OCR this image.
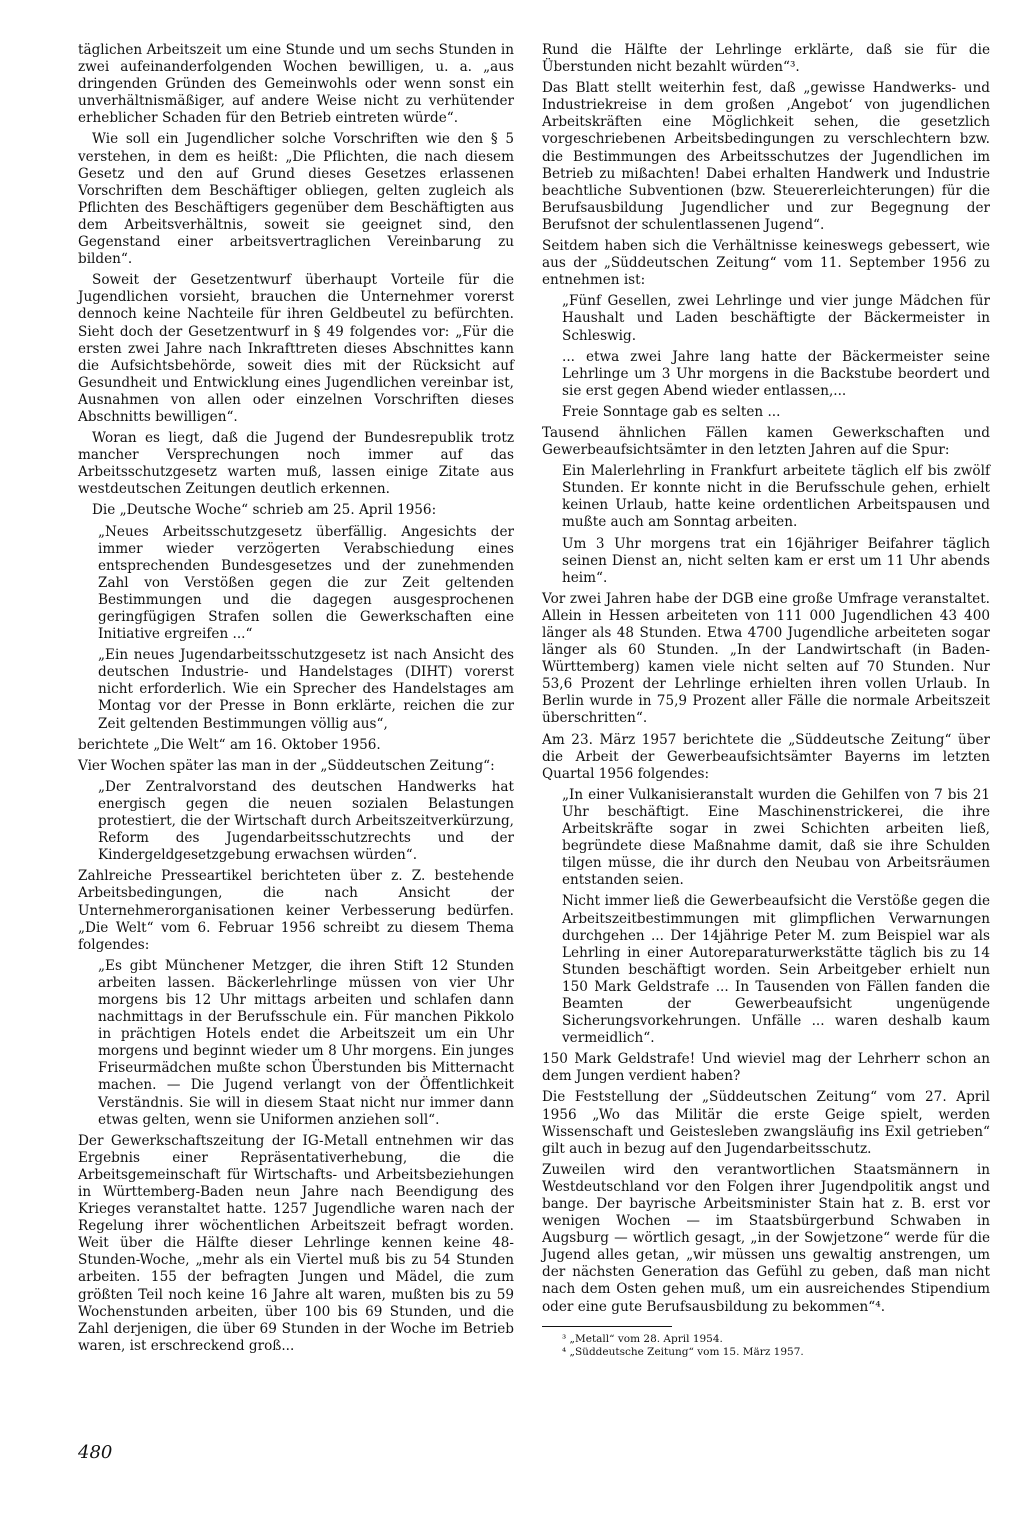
täglichen Arbeitszeit um eine Stunde und um sechs Stunden in zwei aufeinanderfolgenden Wochen bewilligen, u. a. „aus dringenden Gründen des Gemeinwohls oder wenn sonst ein unverhältnismäßiger, auf andere Weise nicht zu verhütender erheblicher Schaden für den Betrieb eintreten würde“.

Wie soll ein Jugendlicher solche Vorschriften wie den § 5 verstehen, in dem es heißt: „Die Pflichten, die nach diesem Gesetz und den auf Grund dieses Gesetzes erlassenen Vorschriften dem Beschäftiger obliegen, gelten zugleich als Pflichten des Beschäftigers gegenüber dem Beschäftigten aus dem Arbeitsverhältnis, soweit sie geeignet sind, den Gegenstand einer arbeitsvertraglichen Vereinbarung zu bilden“.

Soweit der Gesetzentwurf überhaupt Vorteile für die Jugendlichen vorsieht, brauchen die Unternehmer vorerst dennoch keine Nachteile für ihren Geldbeutel zu befürchten. Sieht doch der Gesetzentwurf in § 49 folgendes vor: „Für die ersten zwei Jahre nach Inkrafttreten dieses Abschnittes kann die Aufsichtsbehörde, soweit dies mit der Rücksicht auf Gesundheit und Entwicklung eines Jugendlichen vereinbar ist, Ausnahmen von allen oder einzelnen Vorschriften dieses Abschnitts bewilligen“.

Woran es liegt, daß die Jugend der Bundesrepublik trotz mancher Versprechungen noch immer auf das Arbeitsschutzgesetz warten muß, lassen einige Zitate aus westdeutschen Zeitungen deutlich erkennen.

Die „Deutsche Woche“ schrieb am 25. April 1956:

„Neues Arbeitsschutzgesetz überfällig. Angesichts der immer wieder verzögerten Verabschiedung eines entsprechenden Bundesgesetzes und der zunehmenden Zahl von Verstößen gegen die zur Zeit geltenden Bestimmungen und die dagegen ausgesprochenen geringfügigen Strafen sollen die Gewerkschaften eine Initiative ergreifen ...“

„Ein neues Jugendarbeitsschutzgesetz ist nach Ansicht des deutschen Industrie- und Handelstages (DIHT) vorerst nicht erforderlich. Wie ein Sprecher des Handelstages am Montag vor der Presse in Bonn erklärte, reichen die zur Zeit geltenden Bestimmungen völlig aus“,

berichtete „Die Welt“ am 16. Oktober 1956.

Vier Wochen später las man in der „Süddeutschen Zeitung“:

„Der Zentralvorstand des deutschen Handwerks hat energisch gegen die neuen sozialen Belastungen protestiert, die der Wirtschaft durch Arbeitszeitverkürzung, Reform des Jugendarbeitsschutzrechts und der Kindergeldgesetzgebung erwachsen würden“.

Zahlreiche Presseartikel berichteten über z. Z. bestehende Arbeitsbedingungen, die nach Ansicht der Unternehmerorganisationen keiner Verbesserung bedürfen. „Die Welt“ vom 6. Februar 1956 schreibt zu diesem Thema folgendes:

„Es gibt Münchener Metzger, die ihren Stift 12 Stunden arbeiten lassen. Bäckerlehrlinge müssen von vier Uhr morgens bis 12 Uhr mittags arbeiten und schlafen dann nachmittags in der Berufsschule ein. Für manchen Pikkolo in prächtigen Hotels endet die Arbeitszeit um ein Uhr morgens und beginnt wieder um 8 Uhr morgens. Ein junges Friseurmädchen mußte schon Überstunden bis Mitternacht machen. — Die Jugend verlangt von der Öffentlichkeit Verständnis. Sie will in diesem Staat nicht nur immer dann etwas gelten, wenn sie Uniformen anziehen soll“.

Der Gewerkschaftszeitung der IG-Metall entnehmen wir das Ergebnis einer Repräsentativerhebung, die die Arbeitsgemeinschaft für Wirtschafts- und Arbeitsbeziehungen in Württemberg-Baden neun Jahre nach Beendigung des Krieges veranstaltet hatte. 1257 Jugendliche waren nach der Regelung ihrer wöchentlichen Arbeitszeit befragt worden. Weit über die Hälfte dieser Lehrlinge kennen keine 48-Stunden-Woche, „mehr als ein Viertel muß bis zu 54 Stunden arbeiten. 155 der befragten Jungen und Mädel, die zum größten Teil noch keine 16 Jahre alt waren, mußten bis zu 59 Wochenstunden arbeiten, über 100 bis 69 Stunden, und die Zahl derjenigen, die über 69 Stunden in der Woche im Betrieb waren, ist erschreckend groß...

Rund die Hälfte der Lehrlinge erklärte, daß sie für die Überstunden nicht bezahlt würden“³.

Das Blatt stellt weiterhin fest, daß „gewisse Handwerks- und Industriekreise in dem großen ‚Angebot‘ von jugendlichen Arbeitskräften eine Möglichkeit sehen, die gesetzlich vorgeschriebenen Arbeitsbedingungen zu verschlechtern bzw. die Bestimmungen des Arbeitsschutzes der Jugendlichen im Betrieb zu mißachten! Dabei erhalten Handwerk und Industrie beachtliche Subventionen (bzw. Steuererleichterungen) für die Berufsausbildung Jugendlicher und zur Begegnung der Berufsnot der schulentlassenen Jugend“.

Seitdem haben sich die Verhältnisse keineswegs gebessert, wie aus der „Süddeutschen Zeitung“ vom 11. September 1956 zu entnehmen ist:

„Fünf Gesellen, zwei Lehrlinge und vier junge Mädchen für Haushalt und Laden beschäftigte der Bäckermeister in Schleswig.

... etwa zwei Jahre lang hatte der Bäckermeister seine Lehrlinge um 3 Uhr morgens in die Backstube beordert und sie erst gegen Abend wieder entlassen,...

Freie Sonntage gab es selten ...

Tausend ähnlichen Fällen kamen Gewerkschaften und Gewerbeaufsichtsämter in den letzten Jahren auf die Spur:

Ein Malerlehrling in Frankfurt arbeitete täglich elf bis zwölf Stunden. Er konnte nicht in die Berufsschule gehen, erhielt keinen Urlaub, hatte keine ordentlichen Arbeitspausen und mußte auch am Sonntag arbeiten.

Um 3 Uhr morgens trat ein 16jähriger Beifahrer täglich seinen Dienst an, nicht selten kam er erst um 11 Uhr abends heim“.

Vor zwei Jahren habe der DGB eine große Umfrage veranstaltet. Allein in Hessen arbeiteten von 111 000 Jugendlichen 43 400 länger als 48 Stunden. Etwa 4700 Jugendliche arbeiteten sogar länger als 60 Stunden. „In der Landwirtschaft (in Baden-Württemberg) kamen viele nicht selten auf 70 Stunden. Nur 53,6 Prozent der Lehrlinge erhielten ihren vollen Urlaub. In Berlin wurde in 75,9 Prozent aller Fälle die normale Arbeitszeit überschritten“.

Am 23. März 1957 berichtete die „Süddeutsche Zeitung“ über die Arbeit der Gewerbeaufsichtsämter Bayerns im letzten Quartal 1956 folgendes:

„In einer Vulkanisieranstalt wurden die Gehilfen von 7 bis 21 Uhr beschäftigt. Eine Maschinenstrickerei, die ihre Arbeitskräfte sogar in zwei Schichten arbeiten ließ, begründete diese Maßnahme damit, daß sie ihre Schulden tilgen müsse, die ihr durch den Neubau von Arbeitsräumen entstanden seien.

Nicht immer ließ die Gewerbeaufsicht die Verstöße gegen die Arbeitszeitbestimmungen mit glimpflichen Verwarnungen durchgehen ... Der 14jährige Peter M. zum Beispiel war als Lehrling in einer Autoreparaturwerkstätte täglich bis zu 14 Stunden beschäftigt worden. Sein Arbeitgeber erhielt nun 150 Mark Geldstrafe ... In Tausenden von Fällen fanden die Beamten der Gewerbeaufsicht ungenügende Sicherungsvorkehrungen. Unfälle ... waren deshalb kaum vermeidlich“.

150 Mark Geldstrafe! Und wieviel mag der Lehrherr schon an dem Jungen verdient haben?

Die Feststellung der „Süddeutschen Zeitung“ vom 27. April 1956 „Wo das Militär die erste Geige spielt, werden Wissenschaft und Geistesleben zwangsläufig ins Exil getrieben“ gilt auch in bezug auf den Jugendarbeitsschutz.

Zuweilen wird den verantwortlichen Staatsmännern in Westdeutschland vor den Folgen ihrer Jugendpolitik angst und bange. Der bayrische Arbeitsminister Stain hat z. B. erst vor wenigen Wochen — im Staatsbürgerbund Schwaben in Augsburg — wörtlich gesagt, „in der Sowjetzone“ werde für die Jugend alles getan, „wir müssen uns gewaltig anstrengen, um der nächsten Generation das Gefühl zu geben, daß man nicht nach dem Osten gehen muß, um ein ausreichendes Stipendium oder eine gute Berufsausbildung zu bekommen“⁴.

³ „Metall“ vom 28. April 1954.
⁴ „Süddeutsche Zeitung“ vom 15. März 1957.
480
